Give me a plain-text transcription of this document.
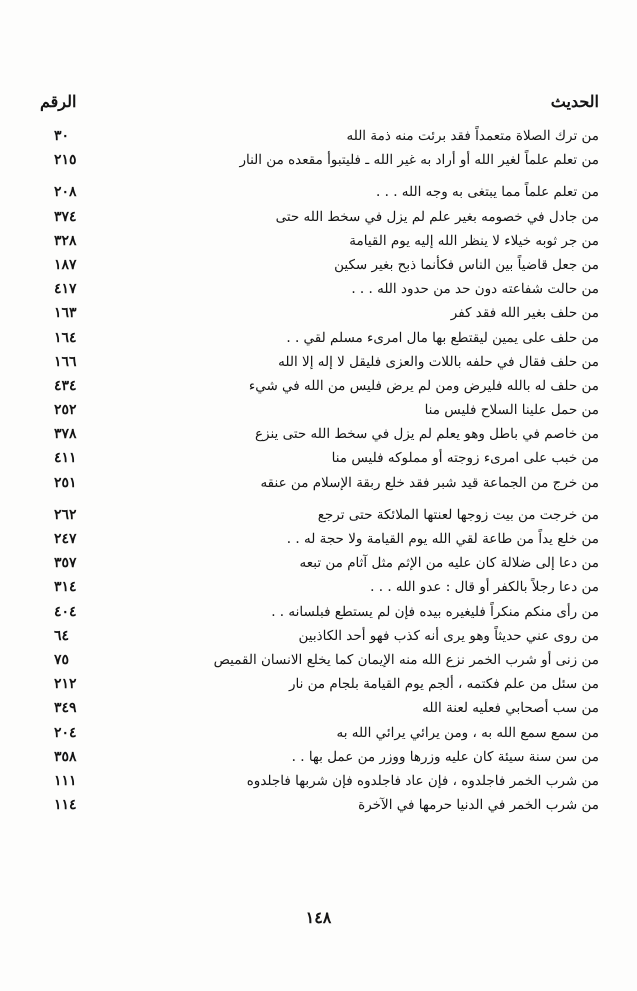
الحديث
الرقم
من ترك الصلاة متعمداً فقد برئت منه ذمة الله
٣٠
من تعلم علماً لغير الله أو أراد به غير الله ـ فليتبوأ مقعده من النار
٢١٥
من تعلم علماً مما يبتغى به وجه الله . . .
٢٠٨
من جادل في خصومه بغير علم لم يزل في سخط الله حتى
٣٧٤
من جر ثوبه خيلاء لا ينظر الله إليه يوم القيامة
٣٢٨
من جعل قاضياً بين الناس فكأنما ذبح بغير سكين
١٨٧
من حالت شفاعته دون حد من حدود الله . . .
٤١٧
من حلف بغير الله فقد كفر
١٦٣
من حلف على يمين ليقتطع بها مال امرىء مسلم لقي . .
١٦٤
من حلف فقال في حلفه باللات والعزى فليقل لا إله إلا الله
١٦٦
من حلف له بالله فليرض ومن لم يرض فليس من الله في شيء
٤٣٤
من حمل علينا السلاح فليس منا
٢٥٢
من خاصم في باطل وهو يعلم لم يزل في سخط الله حتى ينزع
٣٧٨
من خبب على امرىء زوجته أو مملوكه فليس منا
٤١١
من خرج من الجماعة قيد شبر فقد خلع ربقة الإسلام من عنقه
٢٥١
من خرجت من بيت زوجها لعنتها الملائكة حتى ترجع
٢٦٢
من خلع يداً من طاعة لقي الله يوم القيامة ولا حجة له . .
٢٤٧
من دعا إلى ضلالة كان عليه من الإثم مثل آثام من تبعه
٣٥٧
من دعا رجلاً بالكفر أو قال : عدو الله . . .
٣١٤
من رأى منكم منكراً فليغيره بيده فإن لم يستطع فبلسانه . .
٤٠٤
من روى عني حديثاً وهو يرى أنه كذب فهو أحد الكاذبين
٦٤
من زنى أو شرب الخمر نزع الله منه الإيمان كما يخلع الانسان القميص
٧٥
من سئل من علم فكتمه ، ألجم يوم القيامة بلجام من نار
٢١٢
من سب أصحابي فعليه لعنة الله
٣٤٩
من سمع سمع الله به ، ومن يرائي يرائي الله به
٢٠٤
من سن سنة سيئة كان عليه وزرها ووزر من عمل بها . .
٣٥٨
من شرب الخمر فاجلدوه ، فإن عاد فاجلدوه فإن شربها فاجلدوه
١١١
من شرب الخمر في الدنيا حرمها في الآخرة
١١٤
١٤٨
